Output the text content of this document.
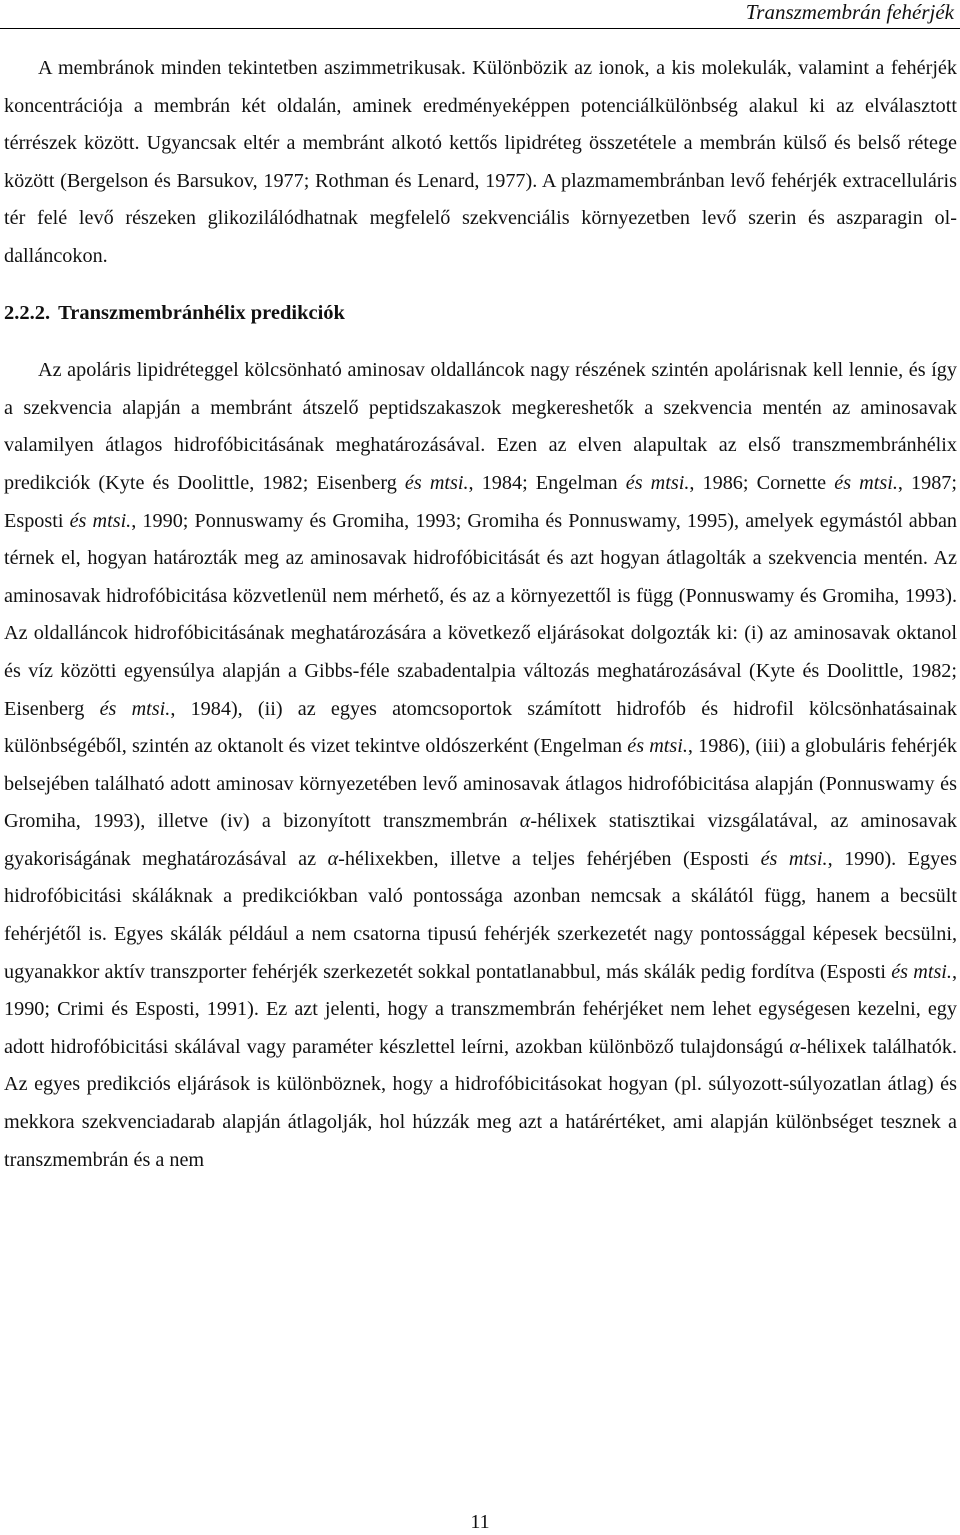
Transzmembrán fehérjék

A membránok minden tekintetben aszimmetrikusak. Különbözik az ionok, a kis molekulák, valamint a fehérjék koncentrációja a membrán két oldalán, aminek eredményeképpen potenciálkülönbség alakul ki az elválasztott térrészek között. Ugyancsak eltér a membránt alkotó kettős lipidréteg összetétele a membrán külső és belső rétege között (Bergelson és Barsukov, 1977; Rothman és Lenard, 1977). A plazmamembránban levő fehérjék extracelluláris tér felé levő részeken glikozilálódhatnak megfelelő szekvenciális környezetben levő szerin és aszparagin oldalláncokon.

2.2.2. Transzmembránhélix predikciók

Az apoláris lipidréteggel kölcsönható aminosav oldalláncok nagy részének szintén apolárisnak kell lennie, és így a szekvencia alapján a membránt átszelő peptidszakaszok megkereshetők a szekvencia mentén az aminosavak valamilyen átlagos hidrofóbicitásának meghatározásával. Ezen az elven alapultak az első transzmembránhélix predikciók (Kyte és Doolittle, 1982; Eisenberg és mtsi., 1984; Engelman és mtsi., 1986; Cornette és mtsi., 1987; Esposti és mtsi., 1990; Ponnuswamy és Gromiha, 1993; Gromiha és Ponnuswamy, 1995), amelyek egymástól abban térnek el, hogyan határozták meg az aminosavak hidrofóbicitását és azt hogyan átlagolták a szekvencia mentén. Az aminosavak hidrofóbicitása közvetlenül nem mérhető, és az a környezettől is függ (Ponnuswamy és Gromiha, 1993). Az oldalláncok hidrofóbicitásának meghatározására a következő eljárásokat dolgozták ki: (i) az aminosavak oktanol és víz közötti egyensúlya alapján a Gibbs-féle szabadentalpia változás meghatározásával (Kyte és Doolittle, 1982; Eisenberg és mtsi., 1984), (ii) az egyes atomcsoportok számított hidrofób és hidrofil kölcsönhatásainak különbségéből, szintén az oktanolt és vizet tekintve oldószerként (Engelman és mtsi., 1986), (iii) a globuláris fehérjék belsejében található adott aminosav környezetében levő aminosavak átlagos hidrofóbicitása alapján (Ponnuswamy és Gromiha, 1993), illetve (iv) a bizonyított transzmembrán α-hélixek statisztikai vizsgálatával, az aminosavak gyakoriságának meghatározásával az α-hélixekben, illetve a teljes fehérjében (Esposti és mtsi., 1990). Egyes hidrofóbicitási skáláknak a predikciókban való pontossága azonban nemcsak a skálától függ, hanem a becsült fehérjétől is. Egyes skálák például a nem csatorna tipusú fehérjék szerkezetét nagy pontossággal képesek becsülni, ugyanakkor aktív transzporter fehérjék szerkezetét sokkal pontatlanabbul, más skálák pedig fordítva (Esposti és mtsi., 1990; Crimi és Esposti, 1991). Ez azt jelenti, hogy a transzmembrán fehérjéket nem lehet egységesen kezelni, egy adott hidrofóbicitási skálával vagy paraméter készlettel leírni, azokban különböző tulajdonságú α-hélixek találhatók. Az egyes predikciós eljárások is különböznek, hogy a hidrofóbicitásokat hogyan (pl. súlyozott-súlyozatlan átlag) és mekkora szekvenciadarab alapján átlagolják, hol húzzák meg azt a határértéket, ami alapján különbséget tesznek a transzmembrán és a nem

11
